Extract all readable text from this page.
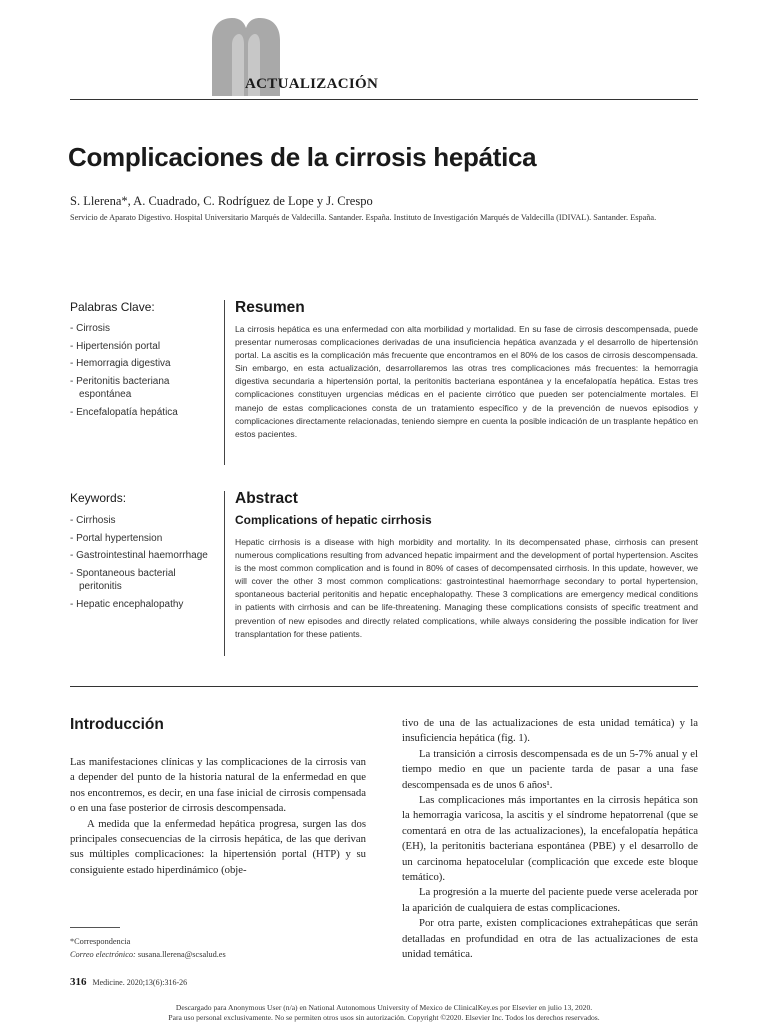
ACTUALIZACIÓN
Complicaciones de la cirrosis hepática
S. Llerena*, A. Cuadrado, C. Rodríguez de Lope y J. Crespo
Servicio de Aparato Digestivo. Hospital Universitario Marqués de Valdecilla. Santander. España. Instituto de Investigación Marqués de Valdecilla (IDIVAL). Santander. España.
Palabras Clave:
- Cirrosis
- Hipertensión portal
- Hemorragia digestiva
- Peritonitis bacteriana espontánea
- Encefalopatía hepática
Resumen

La cirrosis hepática es una enfermedad con alta morbilidad y mortalidad. En su fase de cirrosis descompensada, puede presentar numerosas complicaciones derivadas de una insuficiencia hepática avanzada y el desarrollo de hipertensión portal. La ascitis es la complicación más frecuente que encontramos en el 80% de los casos de cirrosis descompensada. Sin embargo, en esta actualización, desarrollaremos las otras tres complicaciones más frecuentes: la hemorragia digestiva secundaria a hipertensión portal, la peritonitis bacteriana espontánea y la encefalopatía hepática. Estas tres complicaciones constituyen urgencias médicas en el paciente cirrótico que pueden ser potencialmente mortales. El manejo de estas complicaciones consta de un tratamiento específico y de la prevención de nuevos episodios y complicaciones directamente relacionadas, teniendo siempre en cuenta la posible indicación de un trasplante hepático en estos pacientes.

Keywords:
- Cirrhosis
- Portal hypertension
- Gastrointestinal haemorrhage
- Spontaneous bacterial peritonitis
- Hepatic encephalopathy
Abstract
Complications of hepatic cirrhosis

Hepatic cirrhosis is a disease with high morbidity and mortality. In its decompensated phase, cirrhosis can present numerous complications resulting from advanced hepatic impairment and the development of portal hypertension. Ascites is the most common complication and is found in 80% of cases of decompensated cirrhosis. In this update, however, we will cover the other 3 most common complications: gastrointestinal haemorrhage secondary to portal hypertension, spontaneous bacterial peritonitis and hepatic encephalopathy. These 3 complications are emergency medical conditions in patients with cirrhosis and can be life-threatening. Managing these complications consists of specific treatment and prevention of new episodes and directly related complications, while always considering the possible indication for liver transplantation for these patients.

Introducción

Las manifestaciones clínicas y las complicaciones de la cirrosis van a depender del punto de la historia natural de la enfermedad en que nos encontremos, es decir, en una fase inicial de cirrosis compensada o en una fase posterior de cirrosis descompensada.

A medida que la enfermedad hepática progresa, surgen las dos principales consecuencias de la cirrosis hepática, de las que derivan sus múltiples complicaciones: la hipertensión portal (HTP) y su consiguiente estado hiperdinámico (obje-

tivo de una de las actualizaciones de esta unidad temática) y la insuficiencia hepática (fig. 1).

La transición a cirrosis descompensada es de un 5-7% anual y el tiempo medio en que un paciente tarda de pasar a una fase descompensada es de unos 6 años¹.

Las complicaciones más importantes en la cirrosis hepática son la hemorragia varicosa, la ascitis y el síndrome hepatorrenal (que se comentará en otra de las actualizaciones), la encefalopatía hepática (EH), la peritonitis bacteriana espontánea (PBE) y el desarrollo de un carcinoma hepatocelular (complicación que excede este bloque temático).

La progresión a la muerte del paciente puede verse acelerada por la aparición de cualquiera de estas complicaciones.

Por otra parte, existen complicaciones extrahepáticas que serán detalladas en profundidad en otra de las actualizaciones de esta unidad temática.

*Correspondencia
Correo electrónico: susana.llerena@scsalud.es
316 Medicine. 2020;13(6):316-26
Descargado para Anonymous User (n/a) en National Autonomous University of Mexico de ClinicalKey.es por Elsevier en julio 13, 2020.
Para uso personal exclusivamente. No se permiten otros usos sin autorización. Copyright ©2020. Elsevier Inc. Todos los derechos reservados.
